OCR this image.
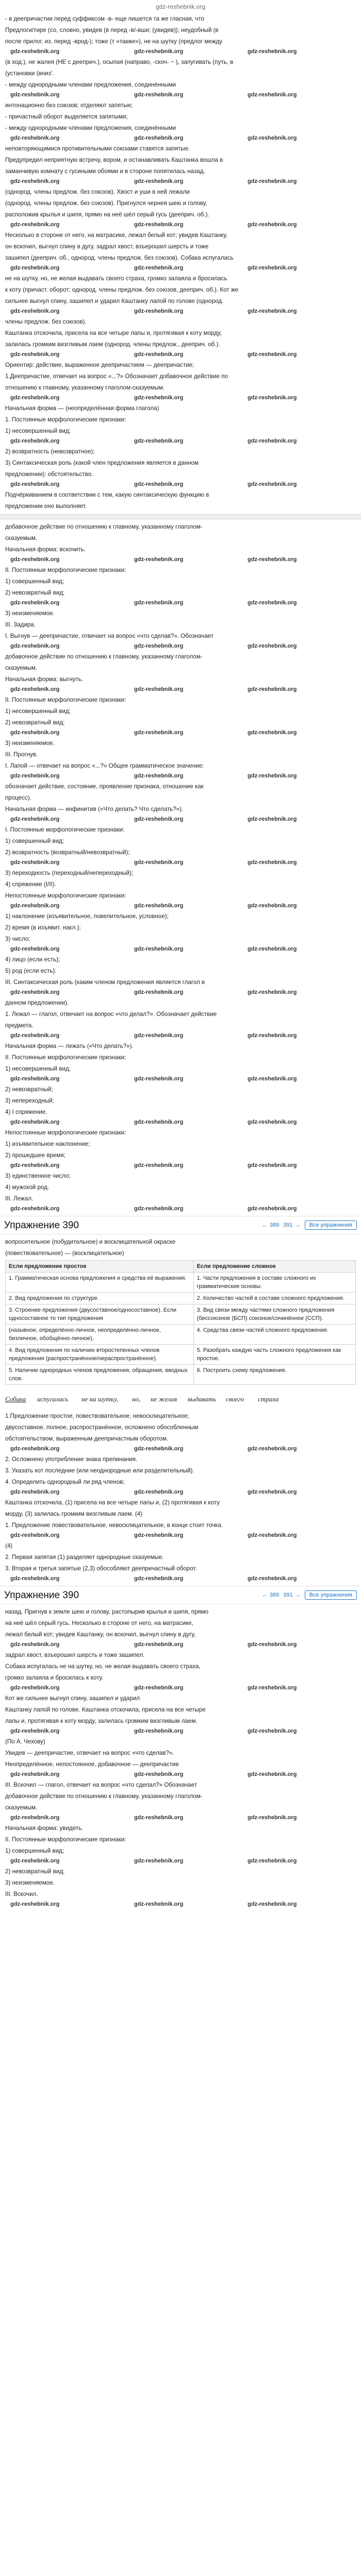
gdz-reshebnik.org
- в деепричастии перед суффиксом -в- еще пишется та же гласная, что
Предлоги/тире (со, словно, увидев (в перед -в/-вши; (увидев)); неудобный (в
после прилог. из. перед -врод-); тоже (т «также»), не на шутку (предлог между
gdz-reshebnik.org	gdz-reshebnik.org	gdz-reshebnik.org
(в ход.), не жалея (НЕ с дееприч.), осыпая (направо, -скоч- ~ ), запугивать (путь, в
(установки (вниз'.
- между однородными членами предложения, соединёнными
gdz-reshebnik.org	gdz-reshebnik.org	gdz-reshebnik.org
интонационно без союзов; отделяют запятые;
- причастный оборот выделяется запятыми;
- между однородными членами предложения, соединёнными
gdz-reshebnik.org	gdz-reshebnik.org	gdz-reshebnik.org
неповторяющимися противительными союзами ставятся запятые.
Предупредил неприятную встречу, вором, и останавливать Каштанка вошла в
заманчивую комнату с гусиными обоями и в стороне попятилась назад.
gdz-reshebnik.org	gdz-reshebnik.org	gdz-reshebnik.org
(однород. члены предлож. без союзов). Хвост и уши в ней лежали
(однород. члены предлож. без союзов). Пригнулся чернея шею и голову,
расположив крылья и шипя, прямо на неё шёл серый гусь (дееприч. об.).
gdz-reshebnik.org	gdz-reshebnik.org	gdz-reshebnik.org
Несколько в стороне от него, на матрасике, лежал белый кот; увидев Каштанку,
он вскочил, выгнул спину в дугу, задрал хвост, взъерошил шерсть и тоже
зашипел (дееприч. об., однород. члены предлож. без союзов). Собака испугалась
gdz-reshebnik.org	gdz-reshebnik.org	gdz-reshebnik.org
не на шутку, но, не желая выдавать своего страха, громко залаяла и бросилась
к коту (причаст. оборот; однород. члены предлож. без союзов, дееприч. об.). Кот же
сильнее выгнул спину, зашипел и ударил Каштанку лапой по голове (однород.
gdz-reshebnik.org	gdz-reshebnik.org	gdz-reshebnik.org
члены предлож. без союзов).
Каштанка отскочила, присела на все четыре лапы и, протягивая к коту морду,
залилась громким визгливым лаем (однород. члены предлож., дееприч. об.).
gdz-reshebnik.org	gdz-reshebnik.org	gdz-reshebnik.org
Ориентир: действие, выраженное деепричастием — деепричастие;
1.Деепричастие, отвечает на вопрос «...?» Обозначает добавочное действие по
отношению к главному, указанному глаголом-сказуемым.
gdz-reshebnik.org	gdz-reshebnik.org	gdz-reshebnik.org
Начальная форма — (неопределённая форма глагола)
1. Постоянные морфологические признаки:
1) несовершенный вид;
gdz-reshebnik.org	gdz-reshebnik.org	gdz-reshebnik.org
2) возвратность (невозвратное);
3) Синтаксическая роль (какой член предложения является в данном
предложении): обстоятельство.
gdz-reshebnik.org	gdz-reshebnik.org	gdz-reshebnik.org
Подчёркиванием в соответствии с тем, какую синтаксическую функцию в
предложении оно выполняет.
добавочное действие по отношению к главному, указанному глаголом-
сказуемым.
Начальная форма: вскочить.
gdz-reshebnik.org	gdz-reshebnik.org	gdz-reshebnik.org
II. Постоянные морфологические признаки:
1) совершенный вид;
2) невозвратный вид;
gdz-reshebnik.org	gdz-reshebnik.org	gdz-reshebnik.org
3) неизменяемое.
III. Задира.
I. Выгнув — деепричастие, отвечает на вопрос «что сделав?». Обозначает
gdz-reshebnik.org	gdz-reshebnik.org	gdz-reshebnik.org
добавочное действие по отношению к главному, указанному глаголом-
сказуемым.
Начальная форма: выгнуть.
gdz-reshebnik.org	gdz-reshebnik.org	gdz-reshebnik.org
II. Постоянные морфологические признаки:
1) несовершенный вид;
2) невозвратный вид;
gdz-reshebnik.org	gdz-reshebnik.org	gdz-reshebnik.org
3) неизменяемое.
III. Прогнув.
I. Лапой — отвечает на вопрос «...?» Общее грамматическое значение:
gdz-reshebnik.org	gdz-reshebnik.org	gdz-reshebnik.org
обозначает действие, состояние, проявление признака, отношение как
процесс).
Начальная форма — инфинитив («Что делать? Что сделать?»).
gdz-reshebnik.org	gdz-reshebnik.org	gdz-reshebnik.org
I. Постоянные морфологические признаки:
1) совершенный вид;
2) возвратность (возвратный/невозвратный);
gdz-reshebnik.org	gdz-reshebnik.org	gdz-reshebnik.org
3) переходность (переходный/непереходный);
4) спряжение (I/II).
Непостоянные морфологические признаки:
gdz-reshebnik.org	gdz-reshebnik.org	gdz-reshebnik.org
1) наклонение (изъявительное, повелительное, условное);
2) время (в изъявит. накл.);
3) число;
gdz-reshebnik.org	gdz-reshebnik.org	gdz-reshebnik.org
4) лицо (если есть);
5) род (если есть).
III. Синтаксическая роль (каким членом предложения является глагол в
gdz-reshebnik.org	gdz-reshebnik.org	gdz-reshebnik.org
данном предложении).
1. Лежал — глагол, отвечает на вопрос «что делал?». Обозначает действие
предмета.
gdz-reshebnik.org	gdz-reshebnik.org	gdz-reshebnik.org
Начальная форма — лежать («Что делать?»).
II. Постоянные морфологические признаки:
1) несовершенный вид;
gdz-reshebnik.org	gdz-reshebnik.org	gdz-reshebnik.org
2) невозвратный;
3) непереходный;
4) I спряжение.
gdz-reshebnik.org	gdz-reshebnik.org	gdz-reshebnik.org
Непостоянные морфологические признаки:
1) изъявительное наклонение;
2) прошедшее время;
gdz-reshebnik.org	gdz-reshebnik.org	gdz-reshebnik.org
3) единственное число;
4) мужской род.
III. Лежал.
gdz-reshebnik.org	gdz-reshebnik.org	gdz-reshebnik.org
Упражнение 390	← 389 391 →	Все упражнения
вопросительное (побудительное) и восклицательной окраске
(повествовательное) — (восклицательное)
Если предложение простое	Если предложение сложное
1. Грамматическая основа предложения и средства её выражения.	1. Части предложения в составе сложного их грамматические основы.
2. Вид предложения по структуре.	2. Количество частей в составе сложного предложения.
3. Строение предложения (двусоставное/односоставное). Если односоставное то тип предложения	3. Вид связи между частями сложного предложения (бессоюзное (БСП) союзное/сочинённое (ССП).
(назывное, определённо-личное, неопределённо-личное, безличное, обобщённо-личное).	4. Средства связи частей сложного предложения.
4. Вид предложения по наличию второстепенных членов предложения (распространённое/нераспространённое).	5. Разобрать каждую часть сложного предложения как простое.
5. Наличие однородных членов предложения, обращения, вводных слов.	6. Построить схему предложения.
Собака испугалась не на шутку, но, не желая выдавать своего страха
1.Предложение простое, повествовательное, невосклицательное;
двусоставное, полное, распространённое, осложнено обособленным
обстоятельством, выраженным деепричастным оборотом.
gdz-reshebnik.org	gdz-reshebnik.org	gdz-reshebnik.org
2. Осложнено употребление знака препинания.
3. Указать кот последние (или неоднородные или разделительный).
4. Определить однородный ли ряд членов;
gdz-reshebnik.org	gdz-reshebnik.org	gdz-reshebnik.org
Каштанка отскочила, (1) присела на все четыре лапы и, (2) протягивая к коту
морду, (3) залилась громким визгливым лаем. (4)
1. Предложение повествовательное, невосклицательное, в конце стоит точка.
gdz-reshebnik.org	gdz-reshebnik.org	gdz-reshebnik.org
(4)
2. Первая запятая (1) разделяет однородные сказуемые.
3. Вторая и третья запятые (2,3) обособляют деепричастный оборот.
gdz-reshebnik.org	gdz-reshebnik.org	gdz-reshebnik.org
Упражнение 390	← 389 391 →	Все упражнения
назад. Пригнув к земле шею и голову, растопырив крылья и шипя, прямо
на неё шёл серый гусь. Несколько в стороне от него, на матрасике,
лежал белый кот; увидев Каштанку, он вскочил, выгнул спину в дугу,
gdz-reshebnik.org	gdz-reshebnik.org	gdz-reshebnik.org
задрал хвост, взъерошил шерсть и тоже зашипел.
Собака испугалась не на шутку, но, не желая выдавать своего страха,
громко залаяла и бросилась к коту.
gdz-reshebnik.org	gdz-reshebnik.org	gdz-reshebnik.org
Кот же сильнее выгнул спину, зашипел и ударил
Каштанку лапой по голове. Каштанка отскочила, присела на все четыре
лапы и, протягивая к коту морду, залилась громким визгливым лаем.
gdz-reshebnik.org	gdz-reshebnik.org	gdz-reshebnik.org
(По А. Чехову)
Увидев — деепричастие, отвечает на вопрос «что сделав?».
Неопределённое, непостоянное, добавочное — деепричастие
gdz-reshebnik.org	gdz-reshebnik.org	gdz-reshebnik.org
III. Вскочил — глагол, отвечает на вопрос «что сделал?» Обозначает
добавочное действие по отношению к главному, указанному глаголом-
сказуемым.
gdz-reshebnik.org	gdz-reshebnik.org	gdz-reshebnik.org
Начальная форма: увидеть.
II. Постоянные морфологические признаки:
1) совершенный вид;
gdz-reshebnik.org	gdz-reshebnik.org	gdz-reshebnik.org
2) невозвратный вид;
3) неизменяемое.
III. Вскочил.
gdz-reshebnik.org	gdz-reshebnik.org	gdz-reshebnik.org
